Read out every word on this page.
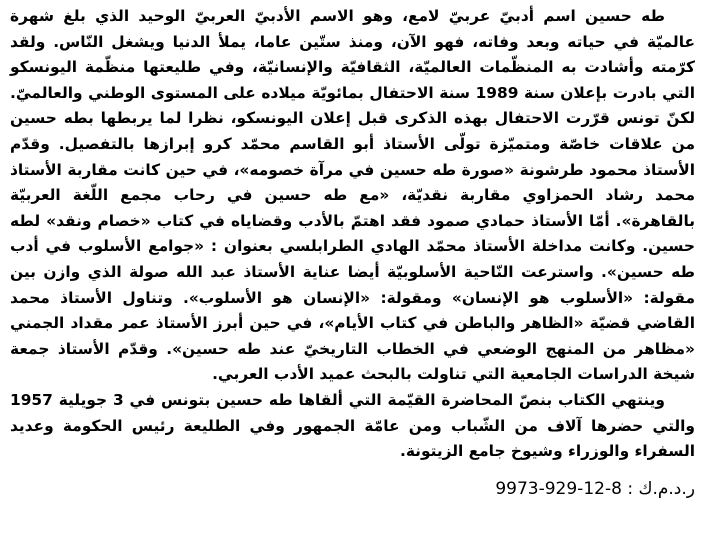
طه حسين اسم أدبيّ عربيّ لامع، وهو الاسم الأدبيّ العربيّ الوحيد الذي بلغ شهرة عالميّة في حياته وبعد وفاته، فهو الآن، ومنذ ستّين عاما، يملأ الدنيا ويشغل النّاس. ولقد كرّمته وأشادت به المنظّمات العالميّة، الثقافيّة والإنسانيّة، وفي طليعتها منظّمة اليونسكو التي بادرت بإعلان سنة 1989 سنة الاحتفال بمائويّة ميلاده على المستوى الوطني والعالميّ. لكنّ تونس قرّرت الاحتفال بهذه الذكرى قبل إعلان اليونسكو، نظرا لما يربطها بطه حسين من علاقات خاصّة ومتميّزة تولّى الأستاذ أبو القاسم محمّد كرو إبرازها بالتفصيل. وقدّم الأستاذ محمود طرشونة «صورة طه حسين في مرآة خصومه»، في حين كانت مقاربة الأستاذ محمد رشاد الحمزاوي مقاربة نقديّة، «مع طه حسين في رحاب مجمع اللّغة العربيّة بالقاهرة». أمّا الأستاذ حمادي صمود فقد اهتمّ بالأدب وقضاياه في كتاب «خصام ونقد» لطه حسين. وكانت مداخلة الأستاذ محمّد الهادي الطرابلسي بعنوان : «جوامع الأسلوب في أدب طه حسين». واسترعت النّاحية الأسلوبيّة أيضا عناية الأستاذ عبد الله صولة الذي وازن بين مقولة: «الأسلوب هو الإنسان» ومقولة: «الإنسان هو الأسلوب». وتناول الأستاذ محمد القاضي قضيّة «الظاهر والباطن في كتاب الأيام»، في حين أبرز الأستاذ عمر مقداد الجمني «مظاهر من المنهج الوضعي في الخطاب التاريخيّ عند طه حسين». وقدّم الأستاذ جمعة شيخة الدراسات الجامعية التي تناولت بالبحث عميد الأدب العربي.

وينتهي الكتاب بنصّ المحاضرة القيّمة التي ألقاها طه حسين بتونس في 3 جويلية 1957 والتي حضرها آلاف من الشّباب ومن عامّة الجمهور وفي الطليعة رئيس الحكومة وعديد السفراء والوزراء وشيوخ جامع الزيتونة.

ر.د.م.ك : 8-12-929-9973
